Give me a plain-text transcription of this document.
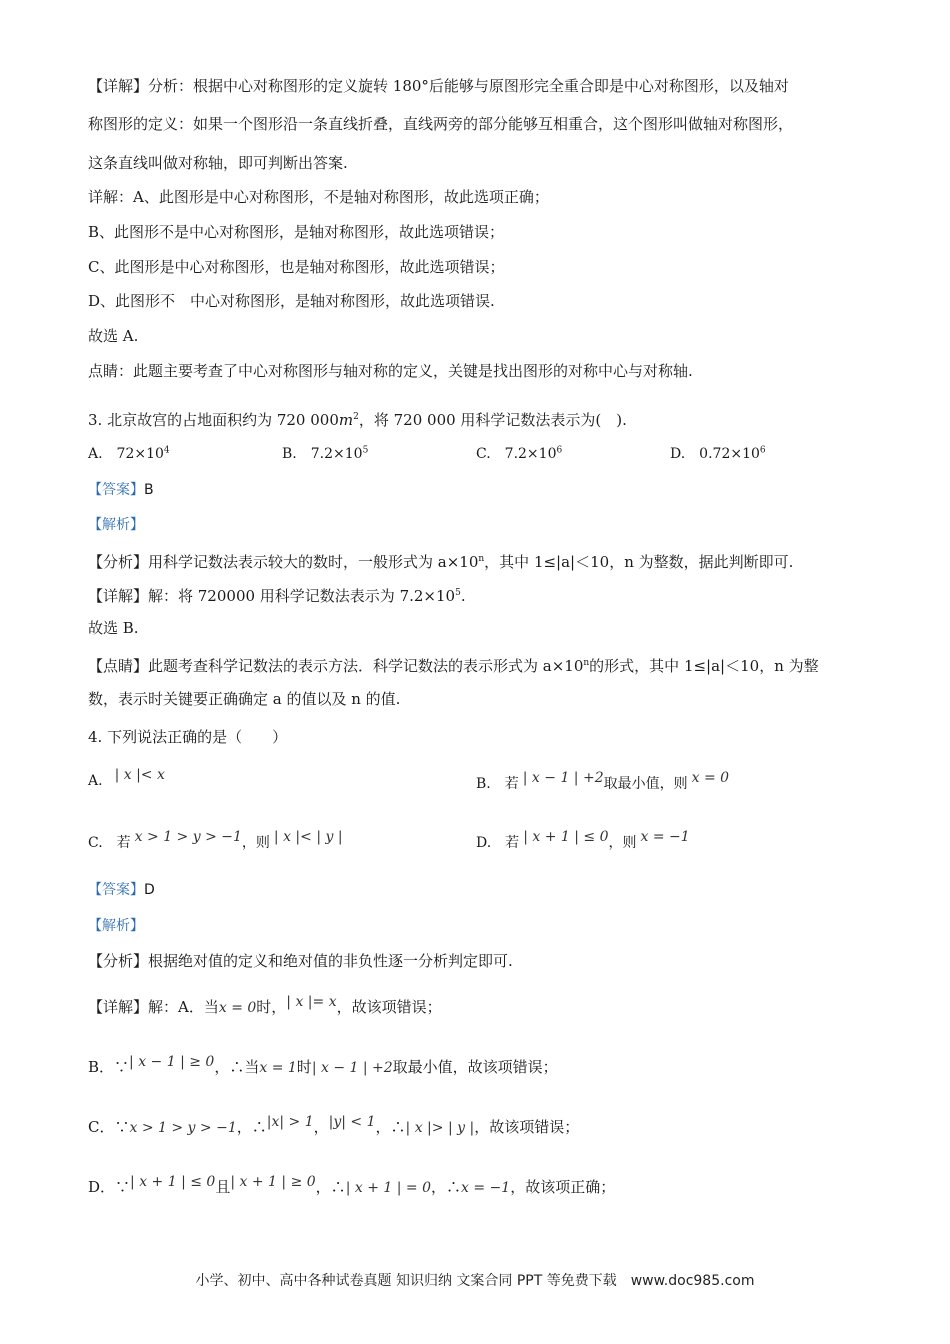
【详解】分析：根据中心对称图形的定义旋转 180°后能够与原图形完全重合即是中心对称图形，以及轴对
称图形的定义：如果一个图形沿一条直线折叠，直线两旁的部分能够互相重合，这个图形叫做轴对称图形，
这条直线叫做对称轴，即可判断出答案.
详解：A、此图形是中心对称图形，不是轴对称图形，故此选项正确；
B、此图形不是中心对称图形，是轴对称图形，故此选项错误；
C、此图形是中心对称图形，也是轴对称图形，故此选项错误；
D、此图形不　中心对称图形，是轴对称图形，故此选项错误.
故选 A.
点睛：此题主要考查了中心对称图形与轴对称的定义，关键是找出图形的对称中心与对称轴.
3. 北京故宫的占地面积约为 720 $000m^2$，将 720 000 用科学记数法表示为(　).
A.　$72\times 10^4$	B.　$7.2\times 10^5$	C.　$7.2\times 10^6$	D.　$0.72\times 10^6$
【答案】B
【解析】
【分析】用科学记数法表示较大的数时，一般形式为 $a\times 10^n$，其中 1≤|a|＜10，n 为整数，据此判断即可.
【详解】解：将 720000 用科学记数法表示为 $7.2\times 10^5$.
故选 B.
【点睛】此题考查科学记数法的表示方法．科学记数法的表示形式为 $a\times 10^n$的形式，其中 1≤|a|＜10，n 为整
数，表示时关键要正确确定 a 的值以及 n 的值.
4. 下列说法正确的是（　　）
A. | x |< x
B.　若 | x − 1 | +2取最小值，则 x = 0
C.　若 x > 1 > y > −1，则 | x |< | y |	D.　若 | x + 1 | ≤ 0，则 x = −1
【答案】D
【解析】
【分析】根据绝对值的定义和绝对值的非负性逐一分析判定即可.
【详解】解：A．当x = 0时，| x |= x，故该项错误；
B．∵| x − 1 | ≥ 0，∴当x = 1时| x − 1 | +2取最小值，故该项错误；
C．∵x > 1 > y > −1，∴|x| > 1，|y| < 1，∴| x |> | y |，故该项错误；
D．∵| x + 1 | ≤ 0且| x + 1 | ≥ 0，∴| x + 1 | = 0，∴x = −1，故该项正确；
小学、初中、高中各种试卷真题 知识归纳 文案合同 PPT 等免费下载　www.doc985.com
